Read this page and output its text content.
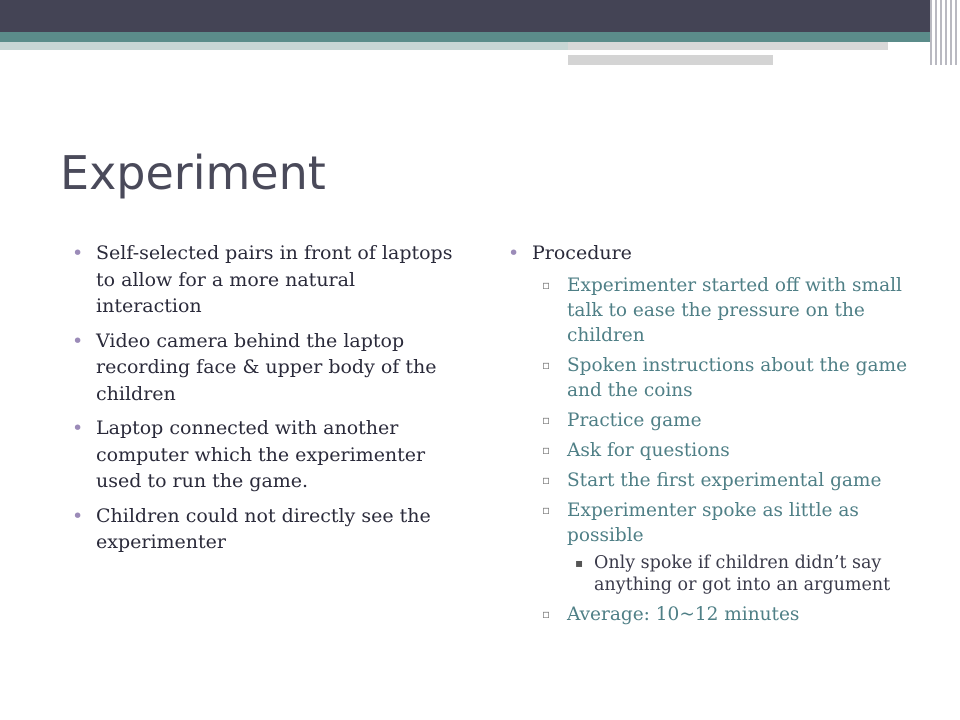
Experiment
• Self-selected pairs in front of laptops to allow for a more natural interaction
• Video camera behind the laptop recording face & upper body of the children
• Laptop connected with another computer which the experimenter used to run the game.
• Children could not directly see the experimenter
• Procedure
▫ Experimenter started off with small talk to ease the pressure on the children
▫ Spoken instructions about the game and the coins
▫ Practice game
▫ Ask for questions
▫ Start the first experimental game
▫ Experimenter spoke as little as possible
▪ Only spoke if children didn’t say anything or got into an argument
▫ Average: 10~12 minutes
